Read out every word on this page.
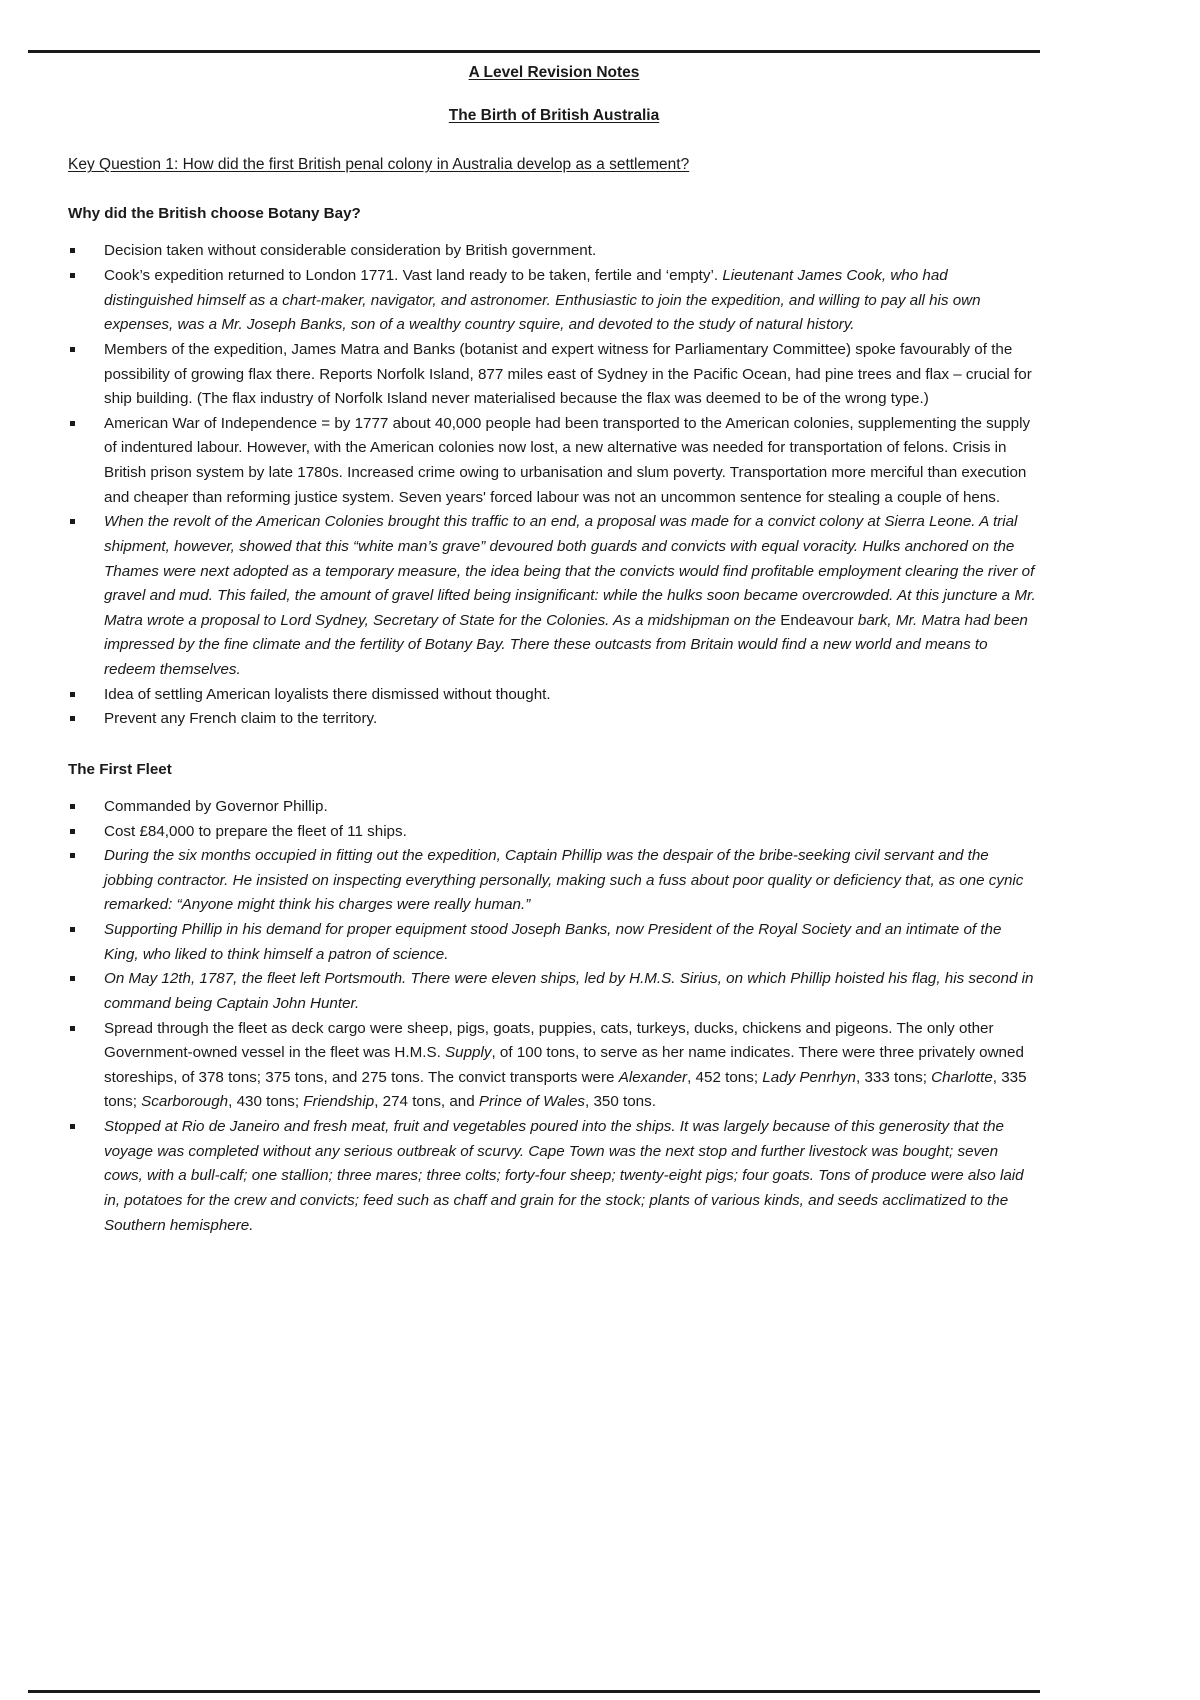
A Level Revision Notes
The Birth of British Australia
Key Question 1: How did the first British penal colony in Australia develop as a settlement?
Why did the British choose Botany Bay?
Decision taken without considerable consideration by British government.
Cook’s expedition returned to London 1771. Vast land ready to be taken, fertile and ‘empty’. Lieutenant James Cook, who had distinguished himself as a chart-maker, navigator, and astronomer. Enthusiastic to join the expedition, and willing to pay all his own expenses, was a Mr. Joseph Banks, son of a wealthy country squire, and devoted to the study of natural history.
Members of the expedition, James Matra and Banks (botanist and expert witness for Parliamentary Committee) spoke favourably of the possibility of growing flax there. Reports Norfolk Island, 877 miles east of Sydney in the Pacific Ocean, had pine trees and flax – crucial for ship building. (The flax industry of Norfolk Island never materialised because the flax was deemed to be of the wrong type.)
American War of Independence = by 1777 about 40,000 people had been transported to the American colonies, supplementing the supply of indentured labour. However, with the American colonies now lost, a new alternative was needed for transportation of felons. Crisis in British prison system by late 1780s. Increased crime owing to urbanisation and slum poverty. Transportation more merciful than execution and cheaper than reforming justice system. Seven years' forced labour was not an uncommon sentence for stealing a couple of hens.
When the revolt of the American Colonies brought this traffic to an end, a proposal was made for a convict colony at Sierra Leone. A trial shipment, however, showed that this “white man’s grave” devoured both guards and convicts with equal voracity. Hulks anchored on the Thames were next adopted as a temporary measure, the idea being that the convicts would find profitable employment clearing the river of gravel and mud. This failed, the amount of gravel lifted being insignificant: while the hulks soon became overcrowded. At this juncture a Mr. Matra wrote a proposal to Lord Sydney, Secretary of State for the Colonies. As a midshipman on the Endeavour bark, Mr. Matra had been impressed by the fine climate and the fertility of Botany Bay. There these outcasts from Britain would find a new world and means to redeem themselves.
Idea of settling American loyalists there dismissed without thought.
Prevent any French claim to the territory.
The First Fleet
Commanded by Governor Phillip.
Cost £84,000 to prepare the fleet of 11 ships.
During the six months occupied in fitting out the expedition, Captain Phillip was the despair of the bribe-seeking civil servant and the jobbing contractor. He insisted on inspecting everything personally, making such a fuss about poor quality or deficiency that, as one cynic remarked: “Anyone might think his charges were really human.”
Supporting Phillip in his demand for proper equipment stood Joseph Banks, now President of the Royal Society and an intimate of the King, who liked to think himself a patron of science.
On May 12th, 1787, the fleet left Portsmouth. There were eleven ships, led by H.M.S. Sirius, on which Phillip hoisted his flag, his second in command being Captain John Hunter.
Spread through the fleet as deck cargo were sheep, pigs, goats, puppies, cats, turkeys, ducks, chickens and pigeons. The only other Government-owned vessel in the fleet was H.M.S. Supply, of 100 tons, to serve as her name indicates. There were three privately owned storeships, of 378 tons; 375 tons, and 275 tons. The convict transports were Alexander, 452 tons; Lady Penrhyn, 333 tons; Charlotte, 335 tons; Scarborough, 430 tons; Friendship, 274 tons, and Prince of Wales, 350 tons.
Stopped at Rio de Janeiro and fresh meat, fruit and vegetables poured into the ships. It was largely because of this generosity that the voyage was completed without any serious outbreak of scurvy. Cape Town was the next stop and further livestock was bought; seven cows, with a bull-calf; one stallion; three mares; three colts; forty-four sheep; twenty-eight pigs; four goats. Tons of produce were also laid in, potatoes for the crew and convicts; feed such as chaff and grain for the stock; plants of various kinds, and seeds acclimatized to the Southern hemisphere.
